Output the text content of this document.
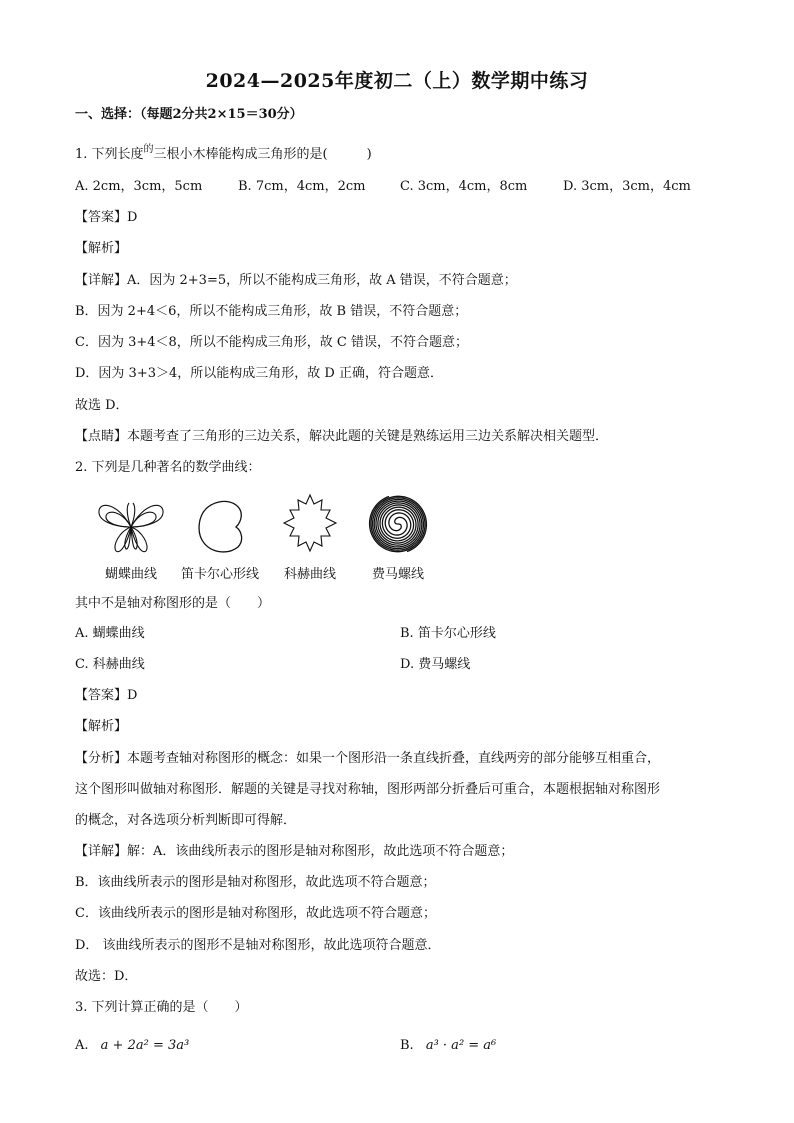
2024—2025年度初二（上）数学期中练习
一、选择：（每题2分共2×15＝30分）
1. 下列长度$^的$三根小木棒能构成三角形的是(　　　)
A. 2cm，3cm，5cm	B. 7cm，4cm，2cm	C. 3cm，4cm，8cm	D. 3cm，3cm，4cm
【答案】D
【解析】
【详解】A．因为 2+3=5，所以不能构成三角形，故 A 错误，不符合题意；
B．因为 2+4＜6，所以不能构成三角形，故 B 错误，不符合题意；
C．因为 3+4＜8，所以不能构成三角形，故 C 错误，不符合题意；
D．因为 3+3＞4，所以能构成三角形，故 D 正确，符合题意．
故选 D．
【点睛】本题考查了三角形的三边关系，解决此题的关键是熟练运用三边关系解决相关题型．
2. 下列是几种著名的数学曲线：
蝴蝶曲线	笛卡尔心形线	科赫曲线	费马螺线
其中不是轴对称图形的是（　　）
A. 蝴蝶曲线	B. 笛卡尔心形线
C. 科赫曲线	D. 费马螺线
【答案】D
【解析】
【分析】本题考查轴对称图形的概念：如果一个图形沿一条直线折叠，直线两旁的部分能够互相重合，
这个图形叫做轴对称图形．解题的关键是寻找对称轴，图形两部分折叠后可重合，本题根据轴对称图形
的概念，对各选项分析判断即可得解．
【详解】解：A．该曲线所表示的图形是轴对称图形，故此选项不符合题意；
B．该曲线所表示的图形是轴对称图形，故此选项不符合题意；
C．该曲线所表示的图形是轴对称图形，故此选项不符合题意；
D． 该曲线所表示的图形不是轴对称图形，故此选项符合题意．
故选：D．
3. 下列计算正确的是（　　）
A. a + 2a² = 3a³	B. a³ · a² = a⁶
